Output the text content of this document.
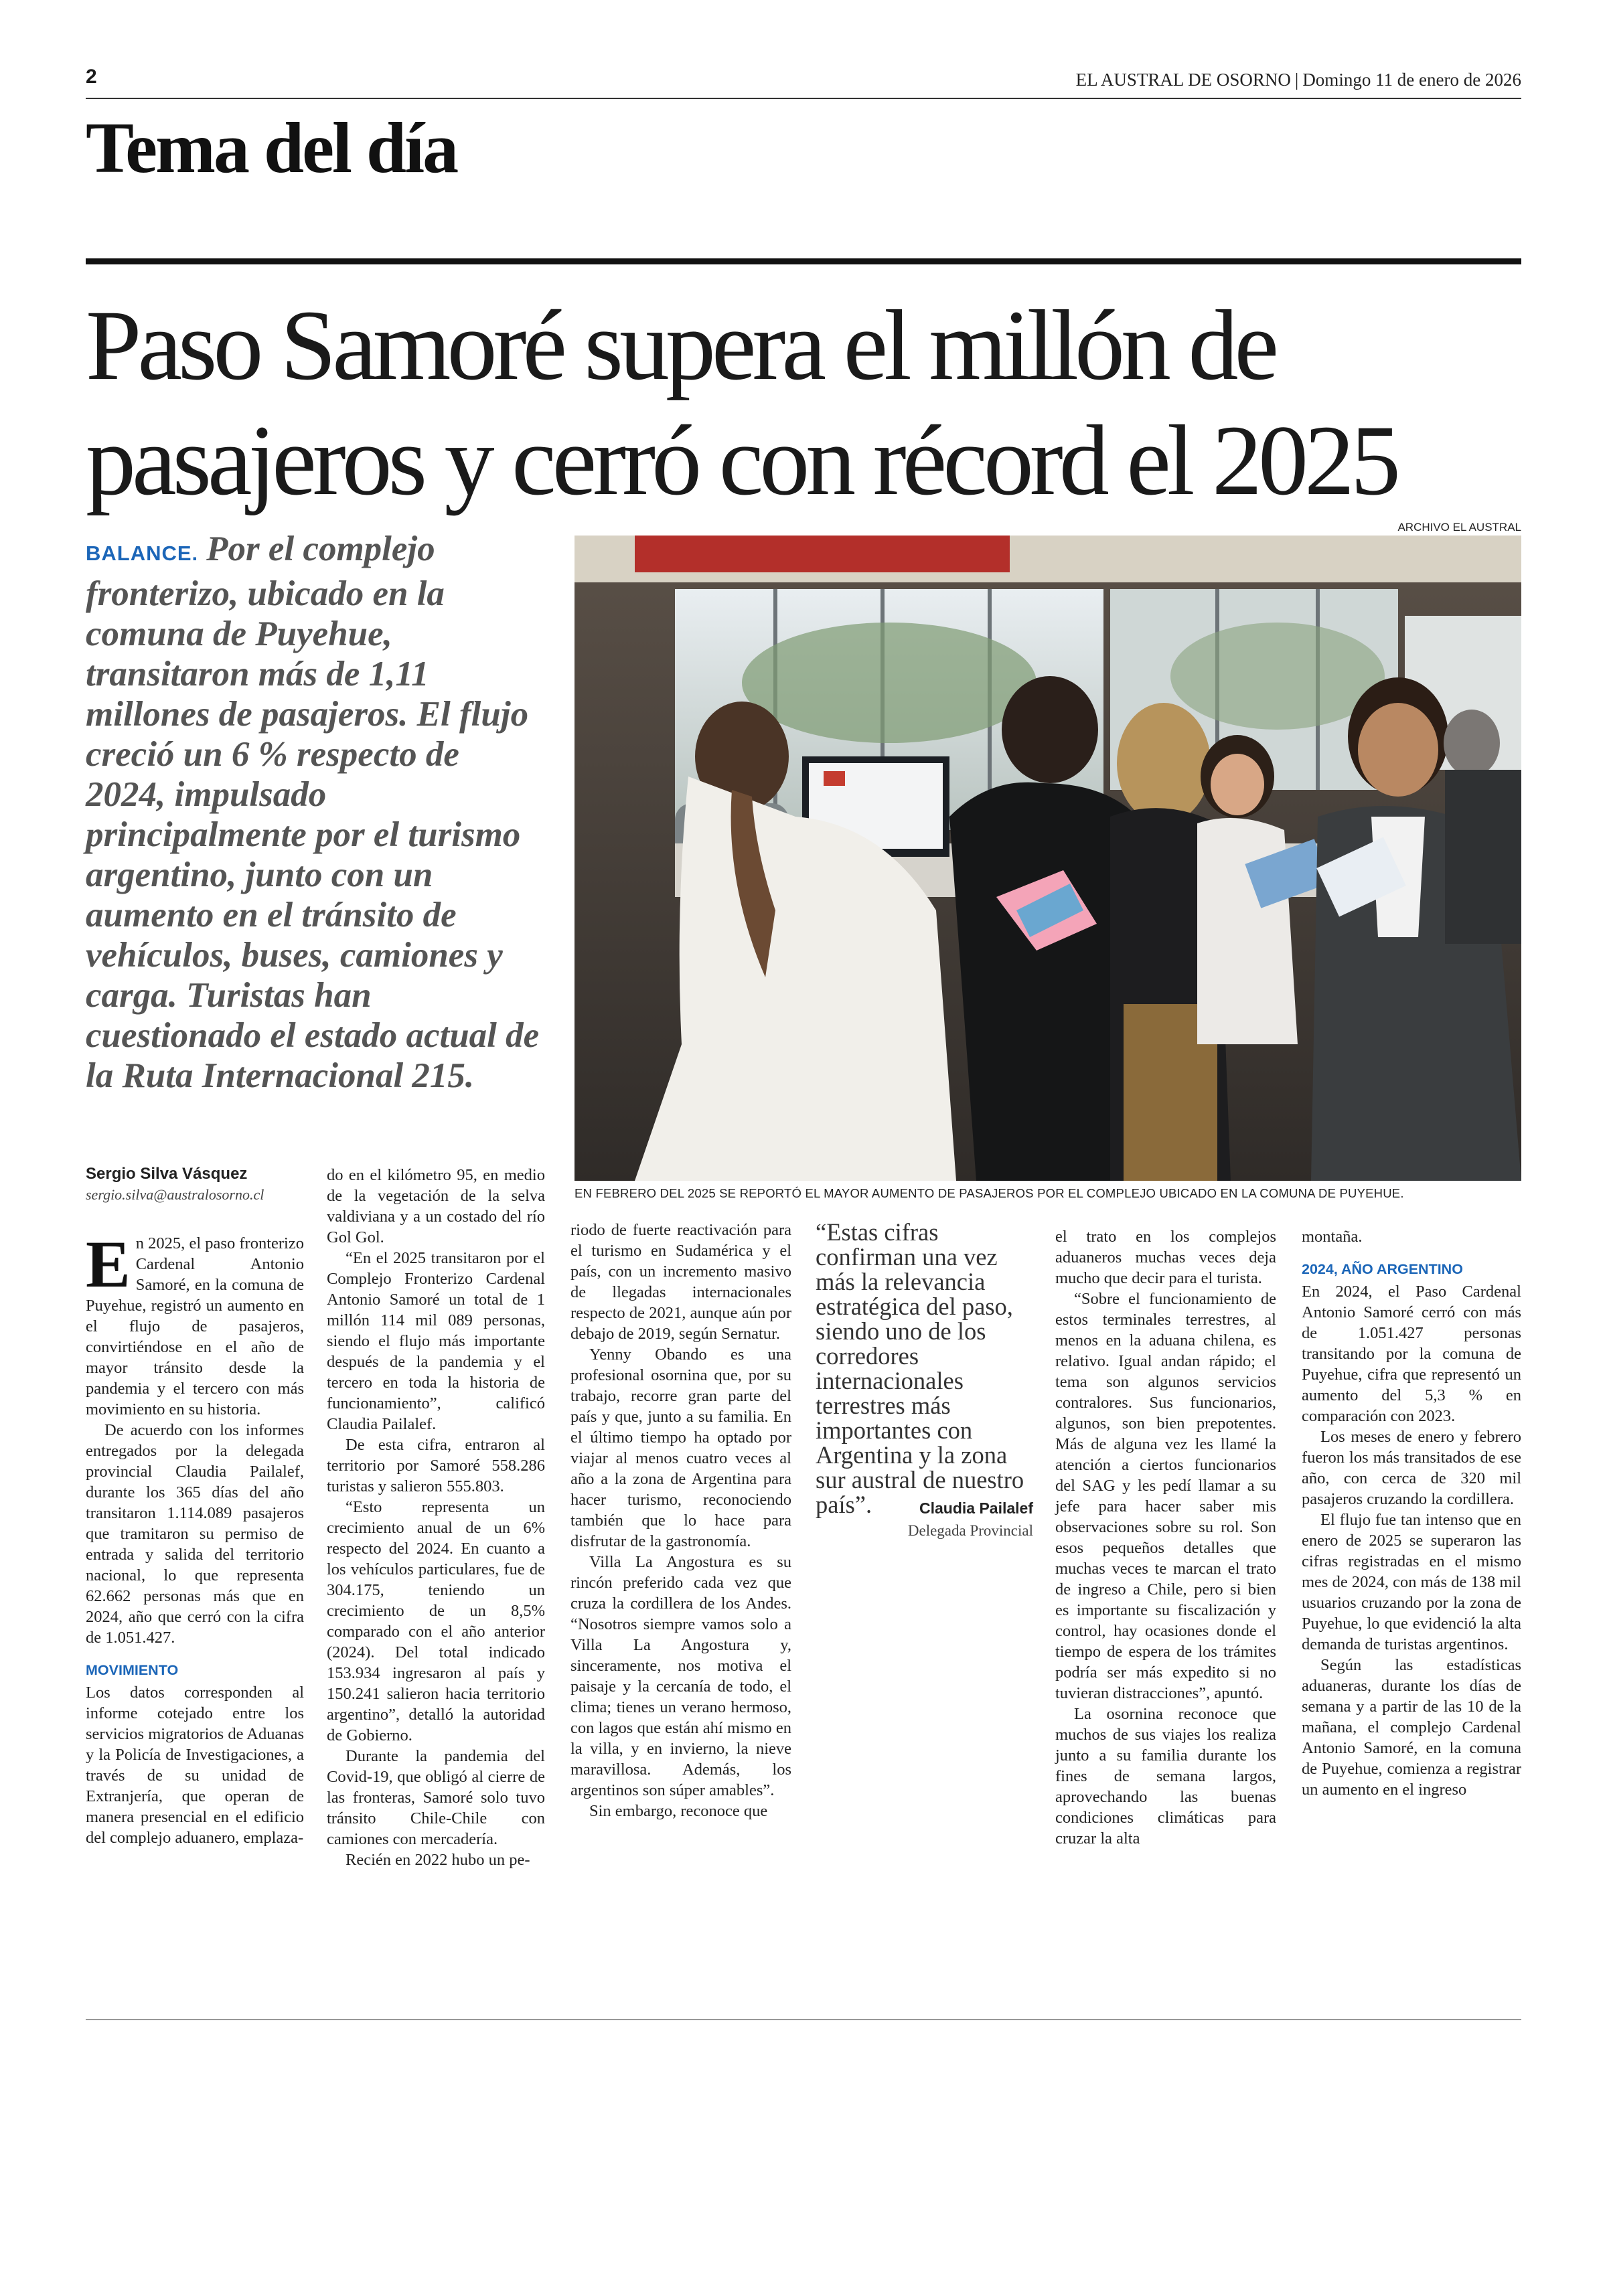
2	EL AUSTRAL DE OSORNO | Domingo 11 de enero de 2026
Tema del día
Paso Samoré supera el millón de pasajeros y cerró con récord el 2025
BALANCE. Por el complejo fronterizo, ubicado en la comuna de Puyehue, transitaron más de 1,11 millones de pasajeros. El flujo creció un 6 % respecto de 2024, impulsado principalmente por el turismo argentino, junto con un aumento en el tránsito de vehículos, buses, camiones y carga. Turistas han cuestionado el estado actual de la Ruta Internacional 215.
ARCHIVO EL AUSTRAL
EN FEBRERO DEL 2025 SE REPORTÓ EL MAYOR AUMENTO DE PASAJEROS POR EL COMPLEJO UBICADO EN LA COMUNA DE PUYEHUE.
Sergio Silva Vásquez
sergio.silva@australosorno.cl

En 2025, el paso fronterizo Cardenal Antonio Samoré, en la comuna de Puyehue, registró un aumento en el flujo de pasajeros, convirtiéndose en el año de mayor tránsito desde la pandemia y el tercero con más movimiento en su historia.

De acuerdo con los informes entregados por la delegada provincial Claudia Pailalef, durante los 365 días del año transitaron 1.114.089 pasajeros que tramitaron su permiso de entrada y salida del territorio nacional, lo que representa 62.662 personas más que en 2024, año que cerró con la cifra de 1.051.427.

MOVIMIENTO

Los datos corresponden al informe cotejado entre los servicios migratorios de Aduanas y la Policía de Investigaciones, a través de su unidad de Extranjería, que operan de manera presencial en el edificio del complejo aduanero, emplaza-

do en el kilómetro 95, en medio de la vegetación de la selva valdiviana y a un costado del río Gol Gol.

“En el 2025 transitaron por el Complejo Fronterizo Cardenal Antonio Samoré un total de 1 millón 114 mil 089 personas, siendo el flujo más importante después de la pandemia y el tercero en toda la historia de funcionamiento”, calificó Claudia Pailalef.

De esta cifra, entraron al territorio por Samoré 558.286 turistas y salieron 555.803.

“Esto representa un crecimiento anual de un 6% respecto del 2024. En cuanto a los vehículos particulares, fue de 304.175, teniendo un crecimiento de un 8,5% comparado con el año anterior (2024). Del total indicado 153.934 ingresaron al país y 150.241 salieron hacia territorio argentino”, detalló la autoridad de Gobierno.

Durante la pandemia del Covid-19, que obligó al cierre de las fronteras, Samoré solo tuvo tránsito Chile-Chile con camiones con mercadería.

Recién en 2022 hubo un pe-

riodo de fuerte reactivación para el turismo en Sudamérica y el país, con un incremento masivo de llegadas internacionales respecto de 2021, aunque aún por debajo de 2019, según Sernatur.

Yenny Obando es una profesional osornina que, por su trabajo, recorre gran parte del país y que, junto a su familia. En el último tiempo ha optado por viajar al menos cuatro veces al año a la zona de Argentina para hacer turismo, reconociendo también que lo hace para disfrutar de la gastronomía.

Villa La Angostura es su rincón preferido cada vez que cruza la cordillera de los Andes. “Nosotros siempre vamos solo a Villa La Angostura y, sinceramente, nos motiva el paisaje y la cercanía de todo, el clima; tienes un verano hermoso, con lagos que están ahí mismo en la villa, y en invierno, la nieve maravillosa. Además, los argentinos son súper amables”.

Sin embargo, reconoce que

“Estas cifras confirman una vez más la relevancia estratégica del paso, siendo uno de los corredores internacionales terrestres más importantes con Argentina y la zona sur austral de nuestro país”.	Claudia Pailalef
Delegada Provincial

el trato en los complejos aduaneros muchas veces deja mucho que decir para el turista.

“Sobre el funcionamiento de estos terminales terrestres, al menos en la aduana chilena, es relativo. Igual andan rápido; el tema son algunos servicios contralores. Sus funcionarios, algunos, son bien prepotentes. Más de alguna vez les llamé la atención a ciertos funcionarios del SAG y les pedí llamar a su jefe para hacer saber mis observaciones sobre su rol. Son esos pequeños detalles que muchas veces te marcan el trato de ingreso a Chile, pero si bien es importante su fiscalización y control, hay ocasiones donde el tiempo de espera de los trámites podría ser más expedito si no tuvieran distracciones”, apuntó.

La osornina reconoce que muchos de sus viajes los realiza junto a su familia durante los fines de semana largos, aprovechando las buenas condiciones climáticas para cruzar la alta

montaña.

2024, AÑO ARGENTINO

En 2024, el Paso Cardenal Antonio Samoré cerró con más de 1.051.427 personas transitando por la comuna de Puyehue, cifra que representó un aumento del 5,3 % en comparación con 2023.

Los meses de enero y febrero fueron los más transitados de ese año, con cerca de 320 mil pasajeros cruzando la cordillera.

El flujo fue tan intenso que en enero de 2025 se superaron las cifras registradas en el mismo mes de 2024, con más de 138 mil usuarios cruzando por la zona de Puyehue, lo que evidenció la alta demanda de turistas argentinos.

Según las estadísticas aduaneras, durante los días de semana y a partir de las 10 de la mañana, el complejo Cardenal Antonio Samoré, en la comuna de Puyehue, comienza a registrar un aumento en el ingreso
